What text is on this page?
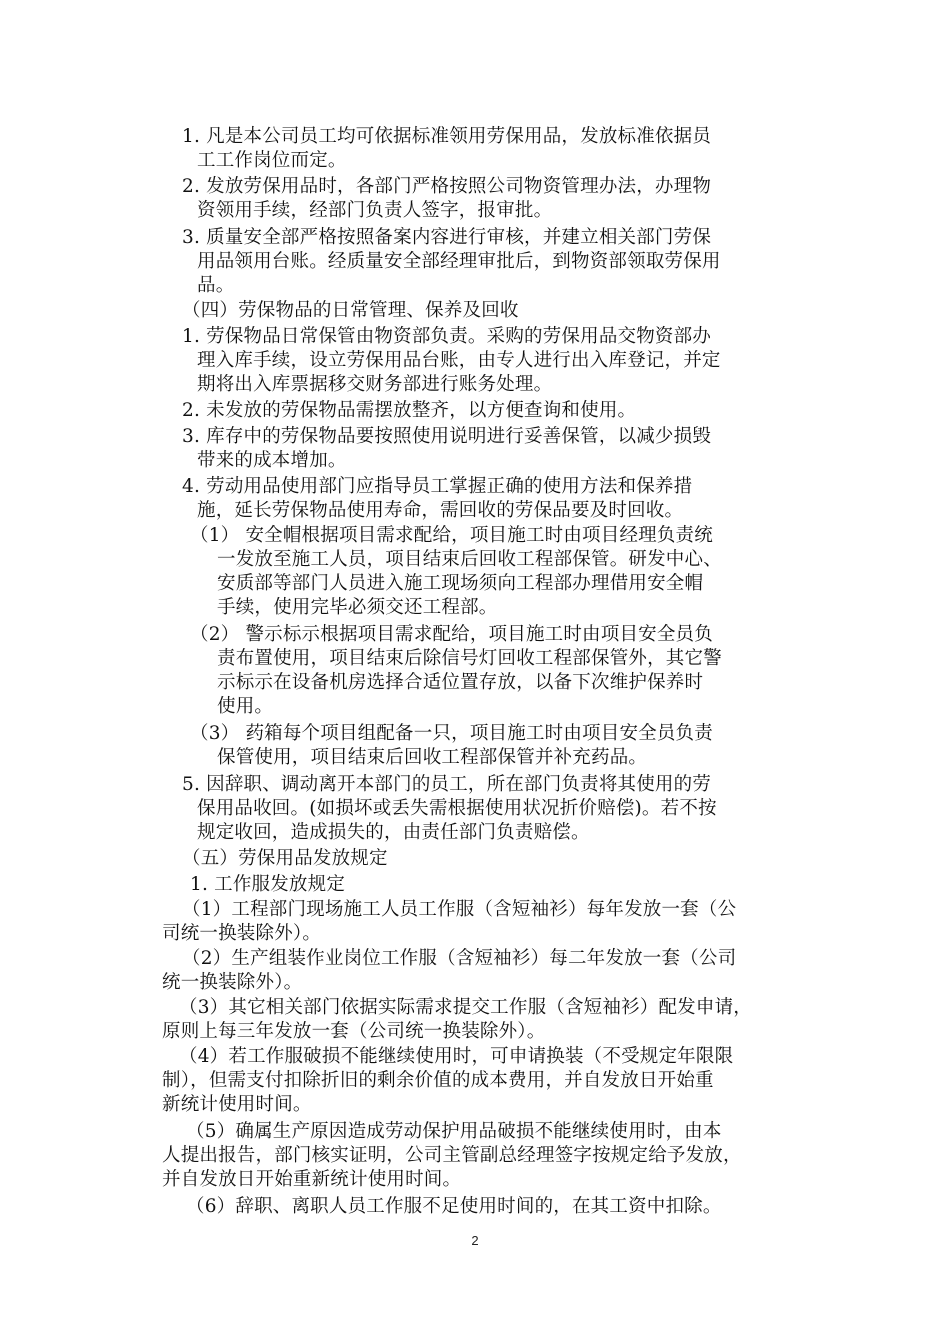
1. 凡是本公司员工均可依据标准领用劳保用品，发放标准依据员
工工作岗位而定。
2. 发放劳保用品时，各部门严格按照公司物资管理办法，办理物
资领用手续，经部门负责人签字，报审批。
3. 质量安全部严格按照备案内容进行审核，并建立相关部门劳保
用品领用台账。经质量安全部经理审批后，到物资部领取劳保用
品。
（四）劳保物品的日常管理、保养及回收
1. 劳保物品日常保管由物资部负责。采购的劳保用品交物资部办
理入库手续，设立劳保用品台账，由专人进行出入库登记，并定
期将出入库票据移交财务部进行账务处理。
2. 未发放的劳保物品需摆放整齐，以方便查询和使用。
3. 库存中的劳保物品要按照使用说明进行妥善保管，以减少损毁
带来的成本增加。
4. 劳动用品使用部门应指导员工掌握正确的使用方法和保养措
施，延长劳保物品使用寿命，需回收的劳保品要及时回收。
（1） 安全帽根据项目需求配给，项目施工时由项目经理负责统
一发放至施工人员，项目结束后回收工程部保管。研发中心、
安质部等部门人员进入施工现场须向工程部办理借用安全帽
手续，使用完毕必须交还工程部。
（2） 警示标示根据项目需求配给，项目施工时由项目安全员负
责布置使用，项目结束后除信号灯回收工程部保管外，其它警
示标示在设备机房选择合适位置存放，以备下次维护保养时
使用。
（3） 药箱每个项目组配备一只，项目施工时由项目安全员负责
保管使用，项目结束后回收工程部保管并补充药品。
5. 因辞职、调动离开本部门的员工，所在部门负责将其使用的劳
保用品收回。(如损坏或丢失需根据使用状况折价赔偿)。若不按
规定收回，造成损失的，由责任部门负责赔偿。
（五）劳保用品发放规定
1. 工作服发放规定
（1）工程部门现场施工人员工作服（含短袖衫）每年发放一套（公
司统一换装除外）。
（2）生产组装作业岗位工作服（含短袖衫）每二年发放一套（公司
统一换装除外）。
（3）其它相关部门依据实际需求提交工作服（含短袖衫）配发申请，
原则上每三年发放一套（公司统一换装除外）。
（4）若工作服破损不能继续使用时，可申请换装（不受规定年限限
制），但需支付扣除折旧的剩余价值的成本费用，并自发放日开始重
新统计使用时间。
（5）确属生产原因造成劳动保护用品破损不能继续使用时，由本
人提出报告，部门核实证明，公司主管副总经理签字按规定给予发放，
并自发放日开始重新统计使用时间。
（6）辞职、离职人员工作服不足使用时间的，在其工资中扣除。
2
